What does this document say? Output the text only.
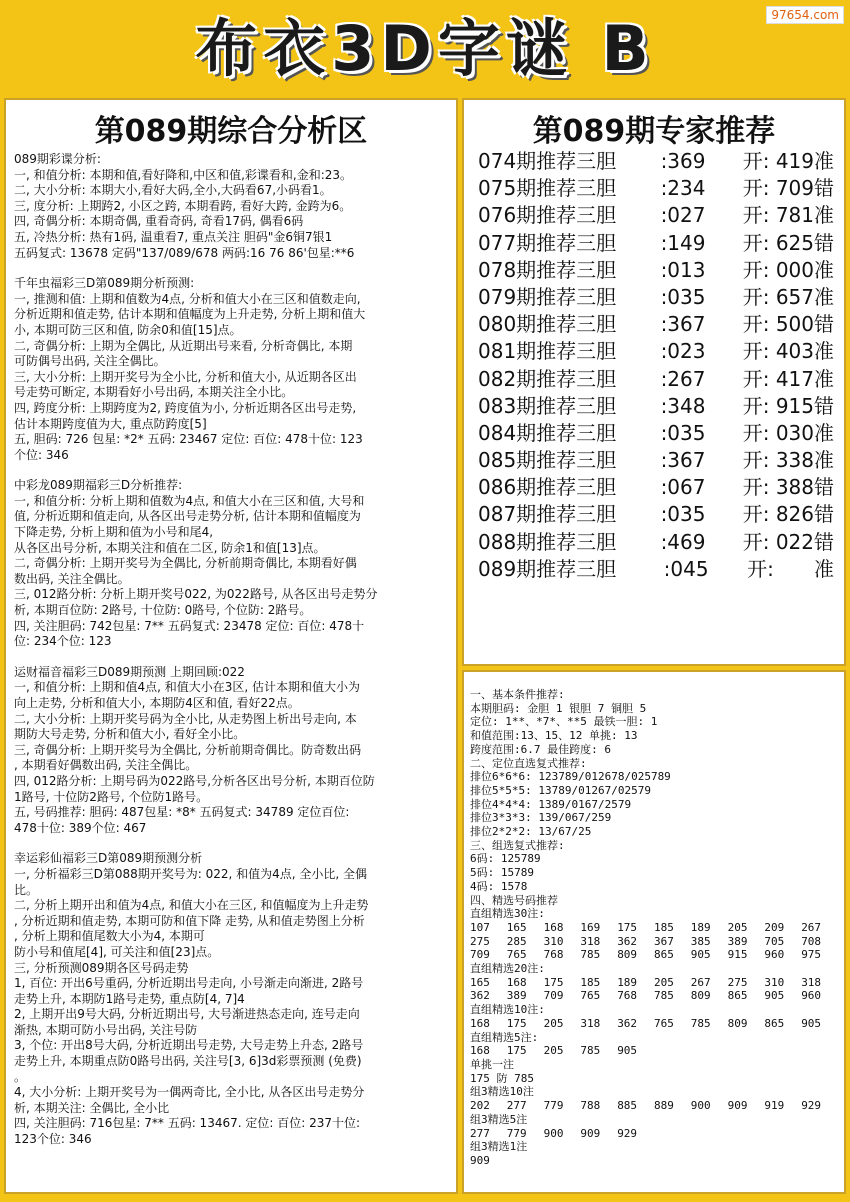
97654.com
布衣3D字谜 B
第089期综合分析区
089期彩谍分析:
一, 和值分析: 本期和值,看好降和,中区和值,彩谍看和,金和:23。
二, 大小分析: 本期大小,看好大码,全小,大码看67,小码看1。
三, 度分析: 上期跨2, 小区之跨, 本期看跨, 看好大跨, 金跨为6。
四, 奇偶分析: 本期奇偶, 重看奇码, 奇看17码, 偶看6码
五, 冷热分析: 热有1码, 温重看7, 重点关注 胆码"金6铜7银1
五码复式: 13678 定码"137/089/678 两码:16 76 86'包星:**6
千年虫福彩三D第089期分析预测:
一, 推测和值: 上期和值数为4点, 分析和值大小在三区和值数走向,
分析近期和值走势, 估计本期和值幅度为上升走势, 分析上期和值大
小, 本期可防三区和值, 防余0和值[15]点。
二, 奇偶分析: 上期为全偶比, 从近期出号来看, 分析奇偶比, 本期
可防偶号出码, 关注全偶比。
三, 大小分析: 上期开奖号为全小比, 分析和值大小, 从近期各区出
号走势可断定, 本期看好小号出码, 本期关注全小比。
四, 跨度分析: 上期跨度为2, 跨度值为小, 分析近期各区出号走势,
估计本期跨度值为大, 重点防跨度[5]
五, 胆码: 726 包星: *2* 五码: 23467 定位: 百位: 478十位: 123
个位: 346
中彩龙089期福彩三D分析推荐:
一, 和值分析: 分析上期和值数为4点, 和值大小在三区和值, 大号和
值, 分析近期和值走向, 从各区出号走势分析, 估计本期和值幅度为
下降走势, 分析上期和值为小号和尾4,
从各区出号分析, 本期关注和值在二区, 防余1和值[13]点。
二, 奇偶分析: 上期开奖号为全偶比, 分析前期奇偶比, 本期看好偶
数出码, 关注全偶比。
三, 012路分析: 分析上期开奖号022, 为022路号, 从各区出号走势分
析, 本期百位防: 2路号, 十位防: 0路号, 个位防: 2路号。
四, 关注胆码: 742包星: 7** 五码复式: 23478 定位: 百位: 478十
位: 234个位: 123
运财福音福彩三D089期预测 上期回顾:022
一, 和值分析: 上期和值4点, 和值大小在3区, 估计本期和值大小为
向上走势, 分析和值大小, 本期防4区和值, 看好22点。
二, 大小分析: 上期开奖号码为全小比, 从走势图上析出号走向, 本
期防大号走势, 分析和值大小, 看好全小比。
三, 奇偶分析: 上期开奖号为全偶比, 分析前期奇偶比。防奇数出码
, 本期看好偶数出码, 关注全偶比。
四, 012路分析: 上期号码为022路号,分析各区出号分析, 本期百位防
1路号, 十位防2路号, 个位防1路号。
五, 号码推荐: 胆码: 487包星: *8* 五码复式: 34789 定位百位:
478十位: 389个位: 467
幸运彩仙福彩三D第089期预测分析
一, 分析福彩三D第088期开奖号为: 022, 和值为4点, 全小比, 全偶
比。
二, 分析上期开出和值为4点, 和值大小在三区, 和值幅度为上升走势
, 分析近期和值走势, 本期可防和值下降 走势, 从和值走势图上分析
, 分析上期和值尾数大小为4, 本期可
防小号和值尾[4], 可关注和值[23]点。
三, 分析预测089期各区号码走势
1, 百位: 开出6号重码, 分析近期出号走向, 小号渐走向渐进, 2路号
走势上升, 本期防1路号走势, 重点防[4, 7]4
2, 上期开出9号大码, 分析近期出号, 大号渐进热态走向, 连号走向
渐热, 本期可防小号出码, 关注号防
3, 个位: 开出8号大码, 分析近期出号走势, 大号走势上升态, 2路号
走势上升, 本期重点防0路号出码, 关注号[3, 6]3d彩票预测 (免费)
。
4, 大小分析: 上期开奖号为一偶两奇比, 全小比, 从各区出号走势分
析, 本期关注: 全偶比, 全小比
四, 关注胆码: 716包星: 7** 五码: 13467. 定位: 百位: 237十位:
123个位: 346
第089期专家推荐
074期推荐三胆	:369	开: 419 准
075期推荐三胆	:234	开: 709 错
076期推荐三胆	:027	开: 781 准
077期推荐三胆	:149	开: 625 错
078期推荐三胆	:013	开: 000 准
079期推荐三胆	:035	开: 657 准
080期推荐三胆	:367	开: 500 错
081期推荐三胆	:023	开: 403 准
082期推荐三胆	:267	开: 417 准
083期推荐三胆	:348	开: 915 错
084期推荐三胆	:035	开: 030 准
085期推荐三胆	:367	开: 338 准
086期推荐三胆	:067	开: 388 错
087期推荐三胆	:035	开: 826 错
088期推荐三胆	:469	开: 022 错
089期推荐三胆	:045	开:	准
一、基本条件推荐:
本期胆码: 金胆 1 银胆 7 铜胆 5
定位: 1**、*7*、**5 最铁一胆: 1
和值范围:13、15、12 单挑: 13
跨度范围:6.7 最佳跨度: 6
二、定位直选复式推荐:
排位6*6*6: 123789/012678/025789
排位5*5*5: 13789/01267/02579
排位4*4*4: 1389/0167/2579
排位3*3*3: 139/067/259
排位2*2*2: 13/67/25
三、组选复式推荐:
6码: 125789
5码: 15789
4码: 1578
四、精选号码推荐
直组精选30注:
107	165	168	169	175	185	189	205	209	267
275	285	310	318	362	367	385	389	705	708
709	765	768	785	809	865	905	915	960	975
直组精选20注:
165	168	175	185	189	205	267	275	310	318
362	389	709	765	768	785	809	865	905	960
直组精选10注:
168	175	205	318	362	765	785	809	865	905
直组精选5注:
168	175	205	785	905
单挑一注
175 防 785
组3精选10注
202	277	779	788	885	889	900	909	919	929
组3精选5注
277	779	900	909	929
组3精选1注
909
